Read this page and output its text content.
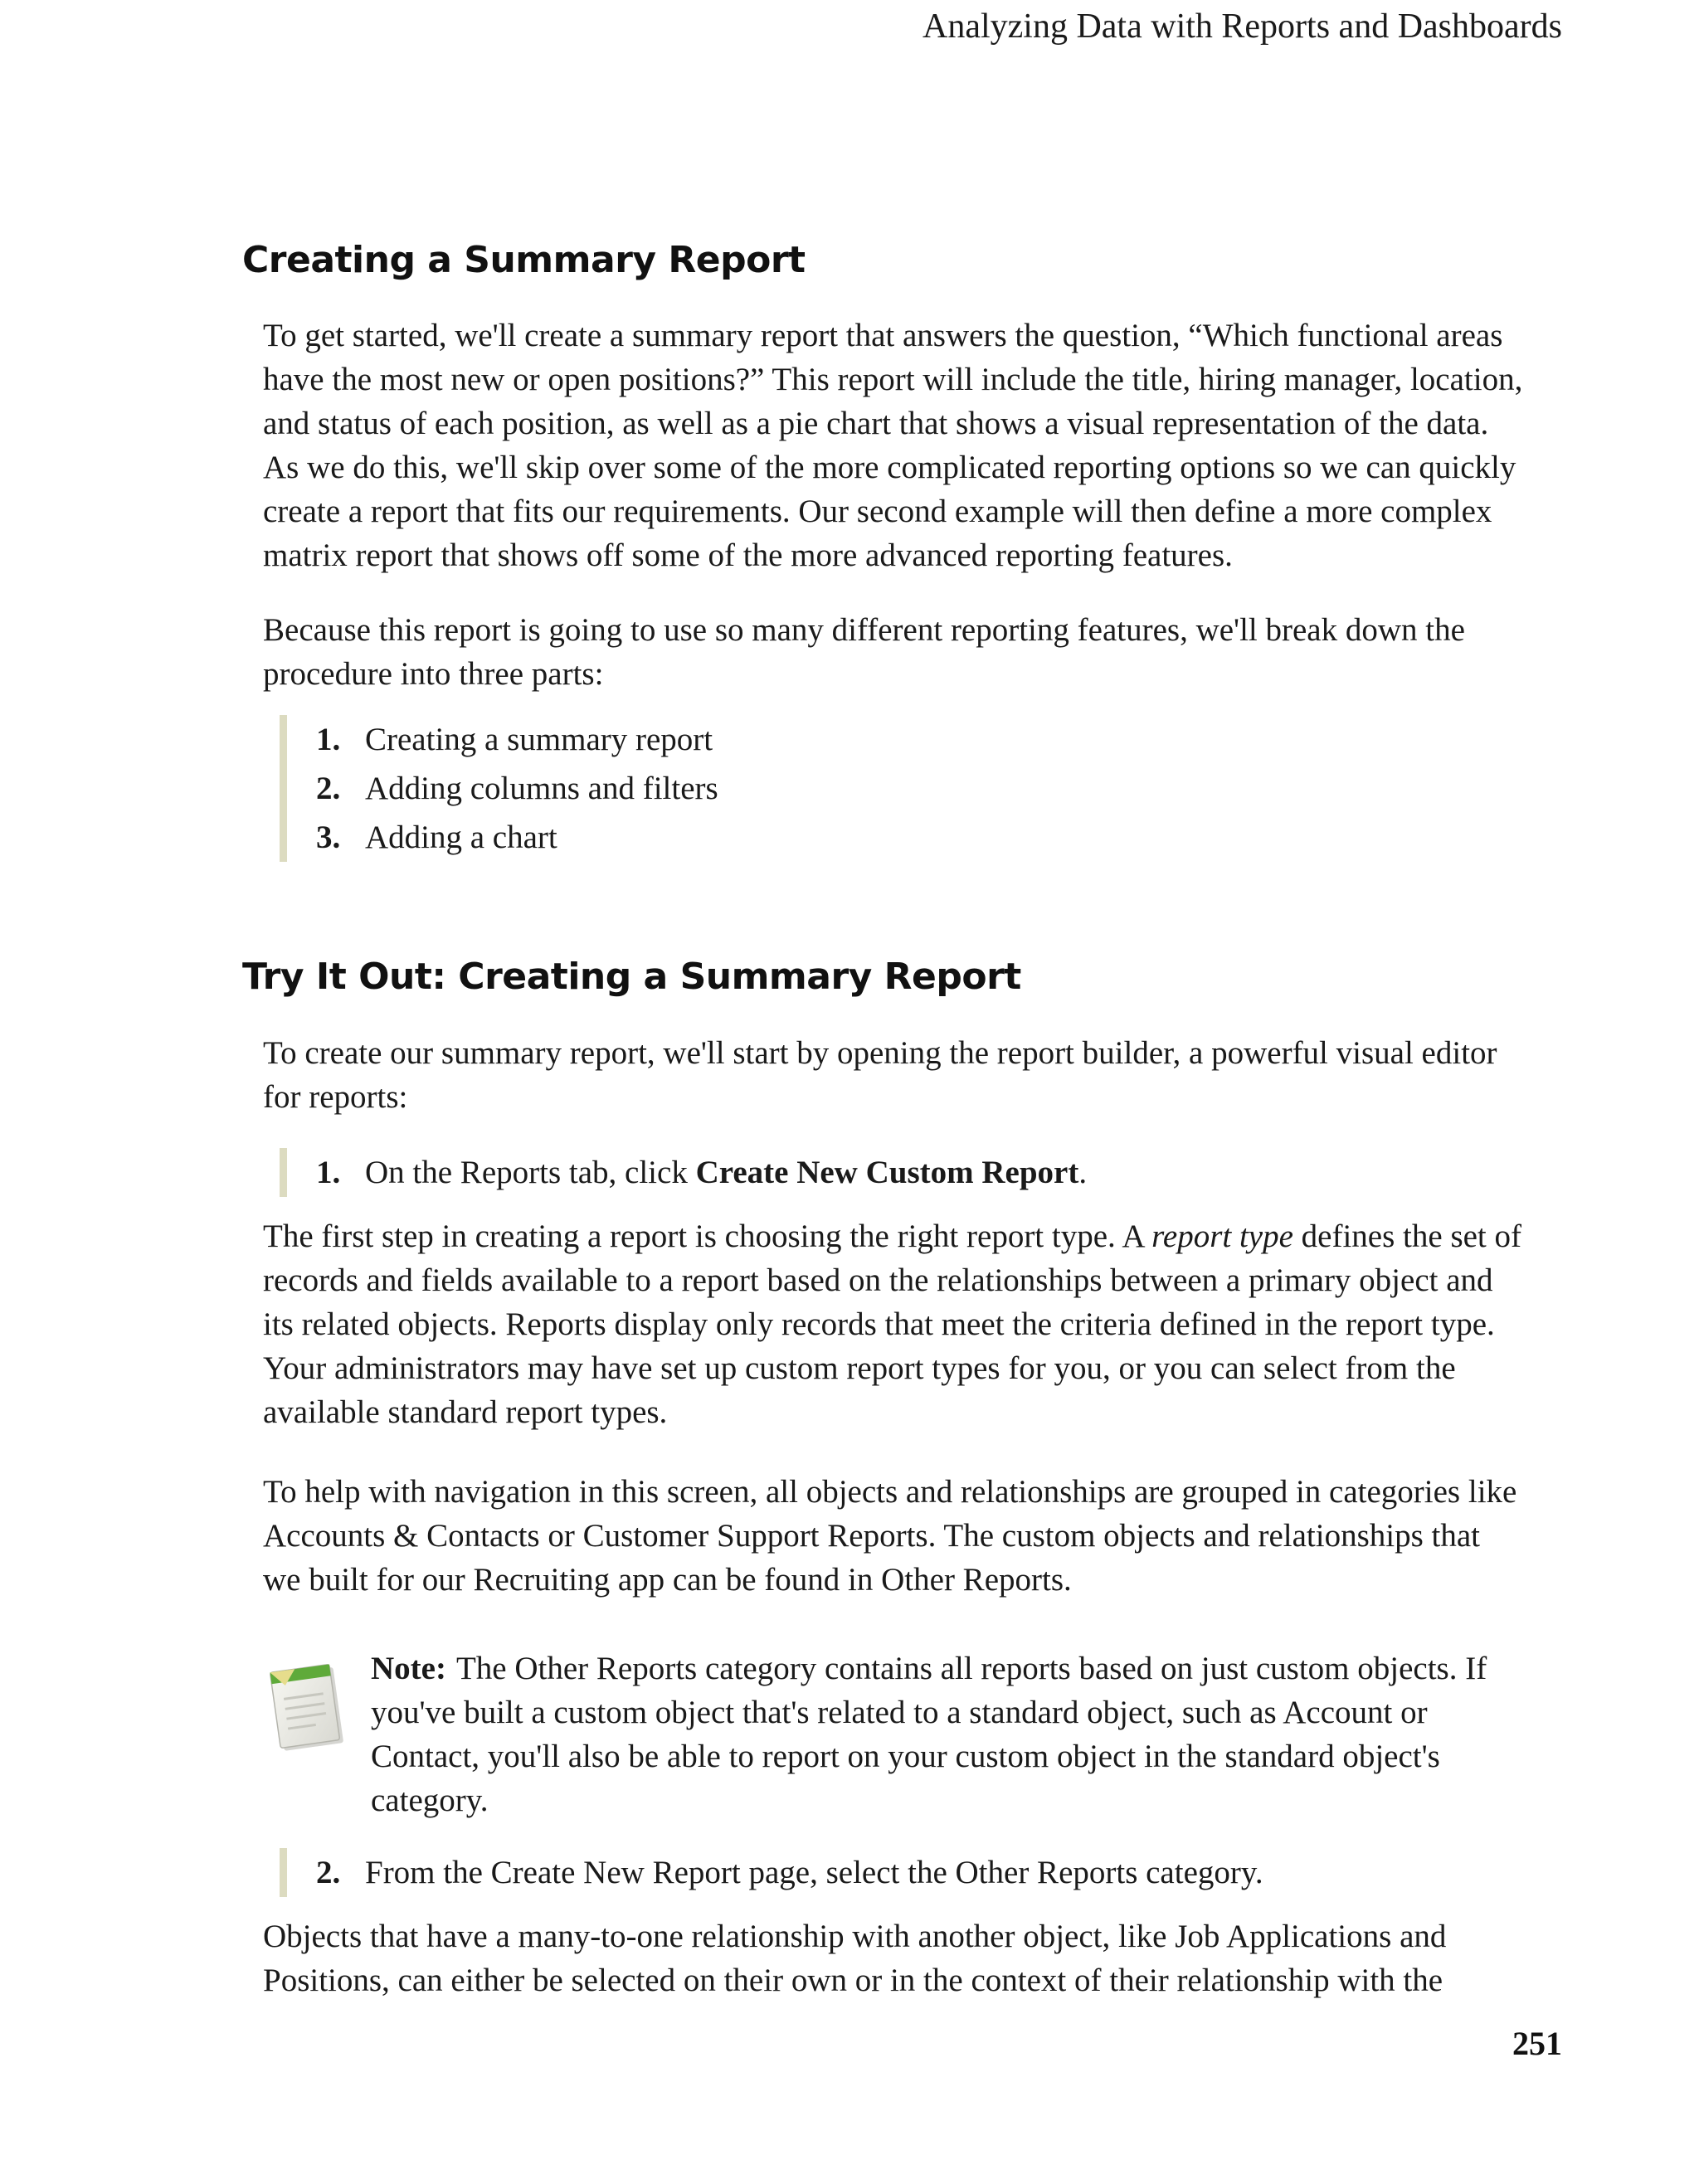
Analyzing Data with Reports and Dashboards
Creating a Summary Report

To get started, we'll create a summary report that answers the question, “Which functional areas have the most new or open positions?” This report will include the title, hiring manager, location, and status of each position, as well as a pie chart that shows a visual representation of the data. As we do this, we'll skip over some of the more complicated reporting options so we can quickly create a report that fits our requirements. Our second example will then define a more complex matrix report that shows off some of the more advanced reporting features.

Because this report is going to use so many different reporting features, we'll break down the procedure into three parts:

1. Creating a summary report
2. Adding columns and filters
3. Adding a chart
Try It Out: Creating a Summary Report

To create our summary report, we'll start by opening the report builder, a powerful visual editor for reports:

1. On the Reports tab, click Create New Custom Report.

The first step in creating a report is choosing the right report type. A report type defines the set of records and fields available to a report based on the relationships between a primary object and its related objects. Reports display only records that meet the criteria defined in the report type. Your administrators may have set up custom report types for you, or you can select from the available standard report types.

To help with navigation in this screen, all objects and relationships are grouped in categories like Accounts & Contacts or Customer Support Reports. The custom objects and relationships that we built for our Recruiting app can be found in Other Reports.

Note: The Other Reports category contains all reports based on just custom objects. If you've built a custom object that's related to a standard object, such as Account or Contact, you'll also be able to report on your custom object in the standard object's category.

2. From the Create New Report page, select the Other Reports category.

Objects that have a many-to-one relationship with another object, like Job Applications and Positions, can either be selected on their own or in the context of their relationship with the

251
